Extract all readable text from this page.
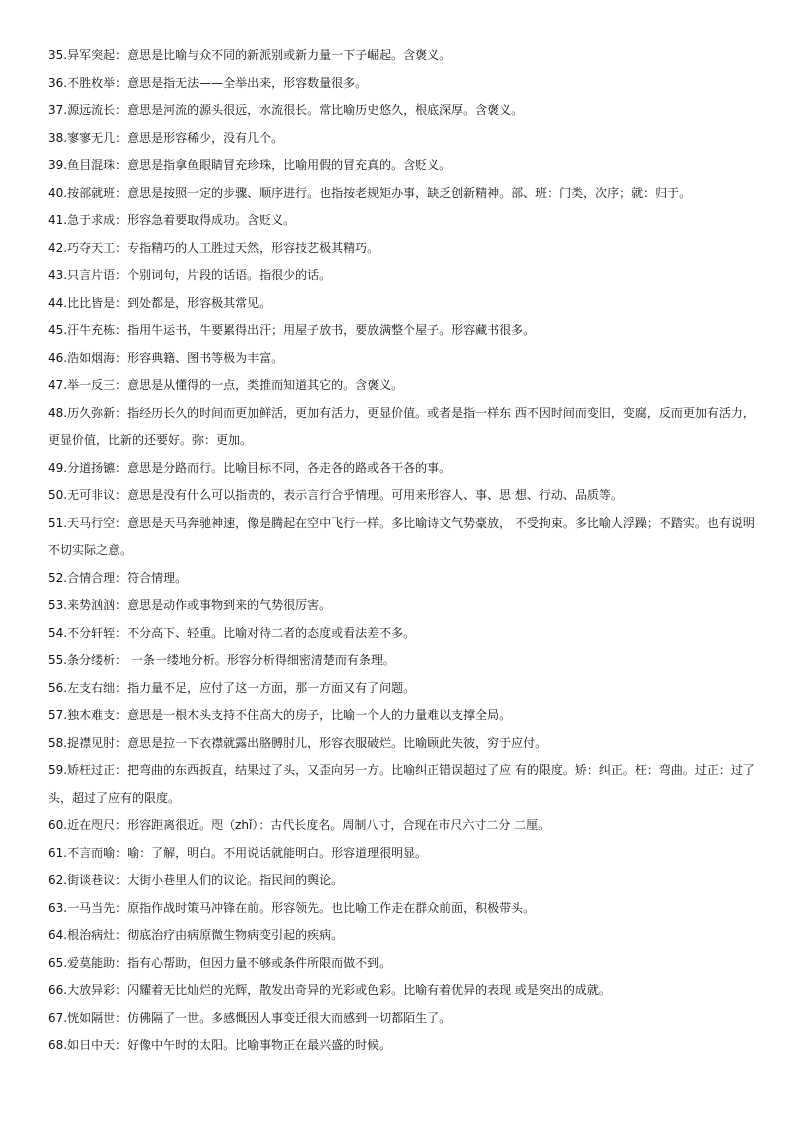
35.异军突起：意思是比喻与众不同的新派别或新力量一下子崛起。含褒义。

36.不胜枚举：意思是指无法——全举出来，形容数量很多。

37.源远流长：意思是河流的源头很远，水流很长。常比喻历史悠久，根底深厚。含褒义。

38.寥寥无几：意思是形容稀少，没有几个。

39.鱼目混珠：意思是指拿鱼眼睛冒充珍珠，比喻用假的冒充真的。含贬义。

40.按部就班：意思是按照一定的步骤、顺序进行。也指按老规矩办事，缺乏创新精神。部、班：门类，次序；就：归于。

41.急于求成：形容急着要取得成功。含贬义。

42.巧夺天工：专指精巧的人工胜过天然，形容技艺极其精巧。

43.只言片语：个别词句，片段的话语。指很少的话。

44.比比皆是：到处都是，形容极其常见。

45.汗牛充栋：指用牛运书，牛要累得出汗；用屋子放书，要放满整个屋子。形容藏书很多。

46.浩如烟海：形容典籍、图书等极为丰富。

47.举一反三：意思是从懂得的一点，类推而知道其它的。含褒义。

48.历久弥新：指经历长久的时间而更加鲜活，更加有活力，更显价值。或者是指一样东 西不因时间而变旧，变腐，反而更加有活力，更显价值，比新的还要好。弥：更加。

49.分道扬镳：意思是分路而行。比喻目标不同，各走各的路或各干各的事。

50.无可非议：意思是没有什么可以指责的，表示言行合乎情理。可用来形容人、事、思 想、行动、品质等。

51.天马行空：意思是天马奔驰神速，像是腾起在空中飞行一样。多比喻诗文气势豪放， 不受拘束。多比喻人浮躁；不踏实。也有说明不切实际之意。

52.合情合理：符合情理。

53.来势汹汹：意思是动作或事物到来的气势很厉害。

54.不分轩轾：不分高下、轻重。比喻对待二者的态度或看法差不多。

55.条分缕析： 一条一缕地分析。形容分析得细密清楚而有条理。

56.左支右绌：指力量不足，应付了这一方面，那一方面又有了问题。

57.独木难支：意思是一根木头支持不住高大的房子，比喻一个人的力量难以支撑全局。

58.捉襟见肘：意思是拉一下衣襟就露出胳膊肘儿，形容衣服破烂。比喻顾此失彼，穷于应付。

59.矫枉过正：把弯曲的东西扳直，结果过了头，又歪向另一方。比喻纠正错误超过了应 有的限度。矫：纠正。枉：弯曲。过正：过了头，超过了应有的限度。

60.近在咫尺：形容距离很近。咫（zhǐ）：古代长度名。周制八寸，合现在市尺六寸二分 二厘。

61.不言而喻：喻：了解，明白。不用说话就能明白。形容道理很明显。

62.街谈巷议：大街小巷里人们的议论。指民间的舆论。

63.一马当先：原指作战时策马冲锋在前。形容领先。也比喻工作走在群众前面，积极带头。

64.根治病灶：彻底治疗由病原微生物病变引起的疾病。

65.爱莫能助：指有心帮助，但因力量不够或条件所限而做不到。

66.大放异彩：闪耀着无比灿烂的光辉，散发出奇异的光彩或色彩。比喻有着优异的表现 或是突出的成就。

67.恍如隔世：仿佛隔了一世。多感慨因人事变迁很大而感到一切都陌生了。

68.如日中天：好像中午时的太阳。比喻事物正在最兴盛的时候。
